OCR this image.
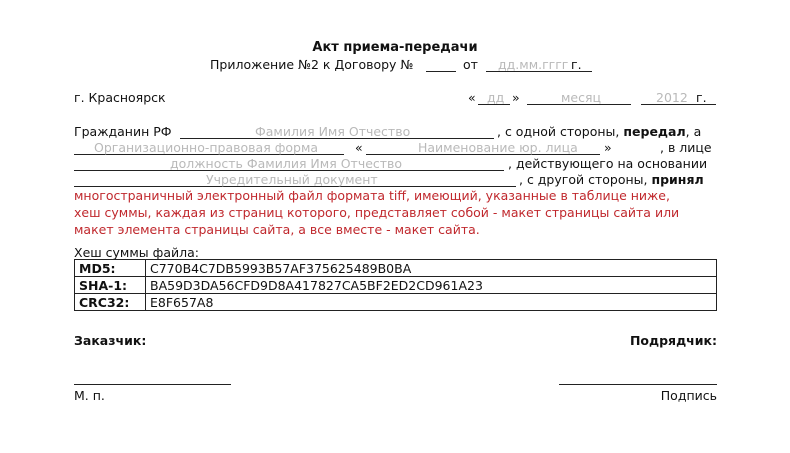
Акт приема-передачи
Приложение №2 к Договору №	от дд.мм.гггг г.
г. Красноярск	« дд »	месяц	2012 г.
Гражданин РФ	Фамилия Имя Отчество	, с одной стороны, передал, а
Организационно-правовая форма	«	Наименование юр. лица »	, в лице
должность Фамилия Имя Отчество	, действующего на основании
Учредительный документ	, с другой стороны, принял
многостраничный электронный файл формата tiff, имеющий, указанные в таблице ниже,
хеш суммы, каждая из страниц которого, представляет собой - макет страницы сайта или
макет элемента страницы сайта, а все вместе - макет сайта.
Хеш суммы файла:
MD5:	C770B4C7DB5993B57AF375625489B0BA
SHA-1:	BA59D3DA56CFD9D8A417827CA5BF2ED2CD961A23
CRC32:	E8F657A8
Заказчик:	Подрядчик:
М. п.	Подпись
